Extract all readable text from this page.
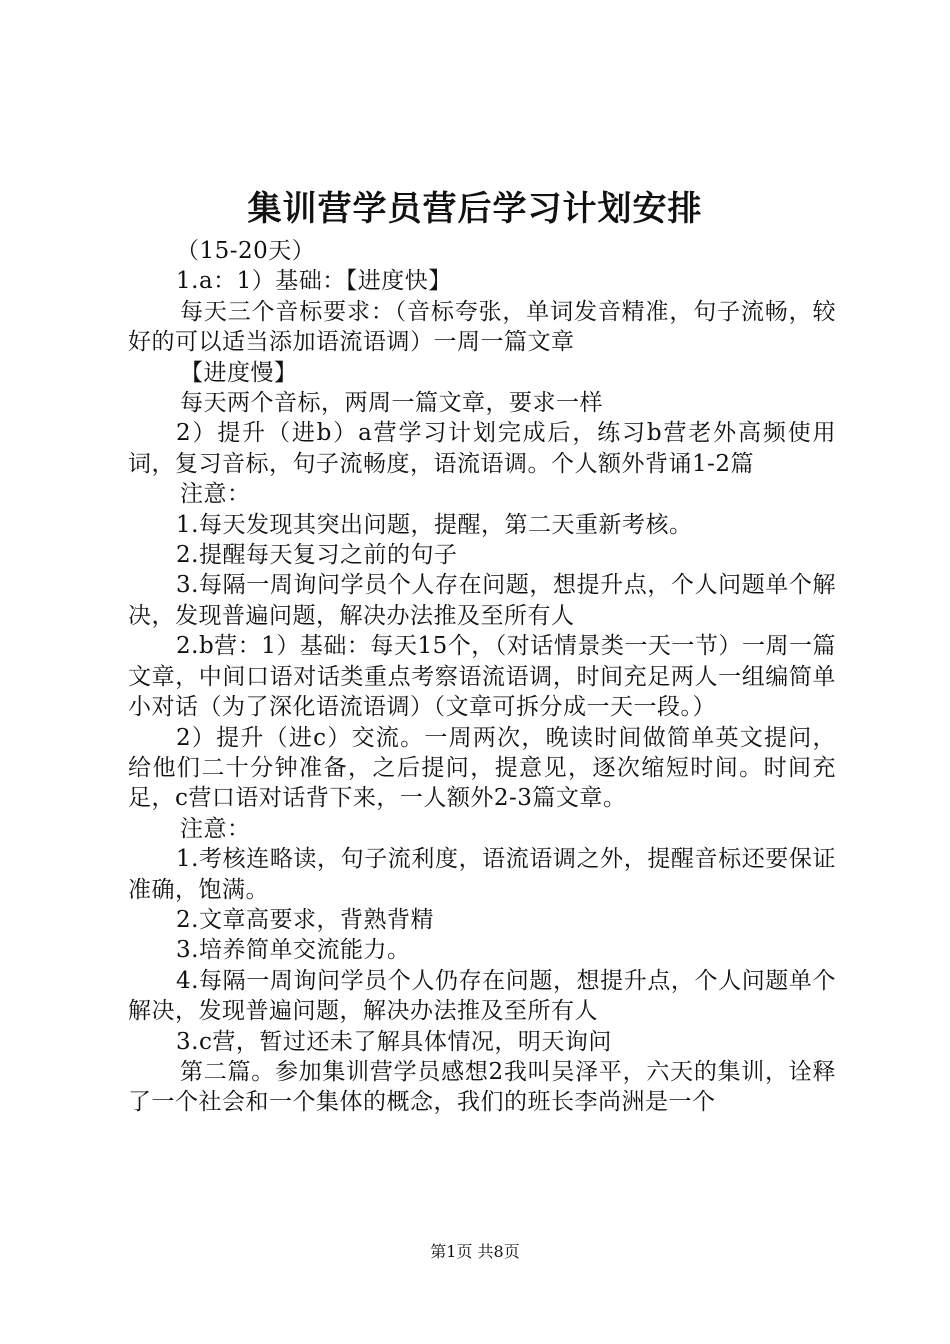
集训营学员营后学习计划安排

（15-20天）

1.a：1）基础：【进度快】

每天三个音标要求：（音标夸张，单词发音精准，句子流畅，较好的可以适当添加语流语调）一周一篇文章

【进度慢】

每天两个音标，两周一篇文章，要求一样

2）提升（进b）a营学习计划完成后，练习b营老外高频使用词，复习音标，句子流畅度，语流语调。个人额外背诵1-2篇

注意：

1.每天发现其突出问题，提醒，第二天重新考核。

2.提醒每天复习之前的句子

3.每隔一周询问学员个人存在问题，想提升点，个人问题单个解决，发现普遍问题，解决办法推及至所有人

2.b营：1）基础：每天15个，（对话情景类一天一节）一周一篇文章，中间口语对话类重点考察语流语调，时间充足两人一组编简单小对话（为了深化语流语调）（文章可拆分成一天一段。）

2）提升（进c）交流。一周两次，晚读时间做简单英文提问，给他们二十分钟准备，之后提问，提意见，逐次缩短时间。时间充足，c营口语对话背下来，一人额外2-3篇文章。

注意：

1.考核连略读，句子流利度，语流语调之外，提醒音标还要保证准确，饱满。

2.文章高要求，背熟背精

3.培养简单交流能力。

4.每隔一周询问学员个人仍存在问题，想提升点，个人问题单个解决，发现普遍问题，解决办法推及至所有人

3.c营，暂过还未了解具体情况，明天询问

第二篇。参加集训营学员感想2我叫吴泽平，六天的集训，诠释了一个社会和一个集体的概念，我们的班长李尚洲是一个

第1页 共8页
